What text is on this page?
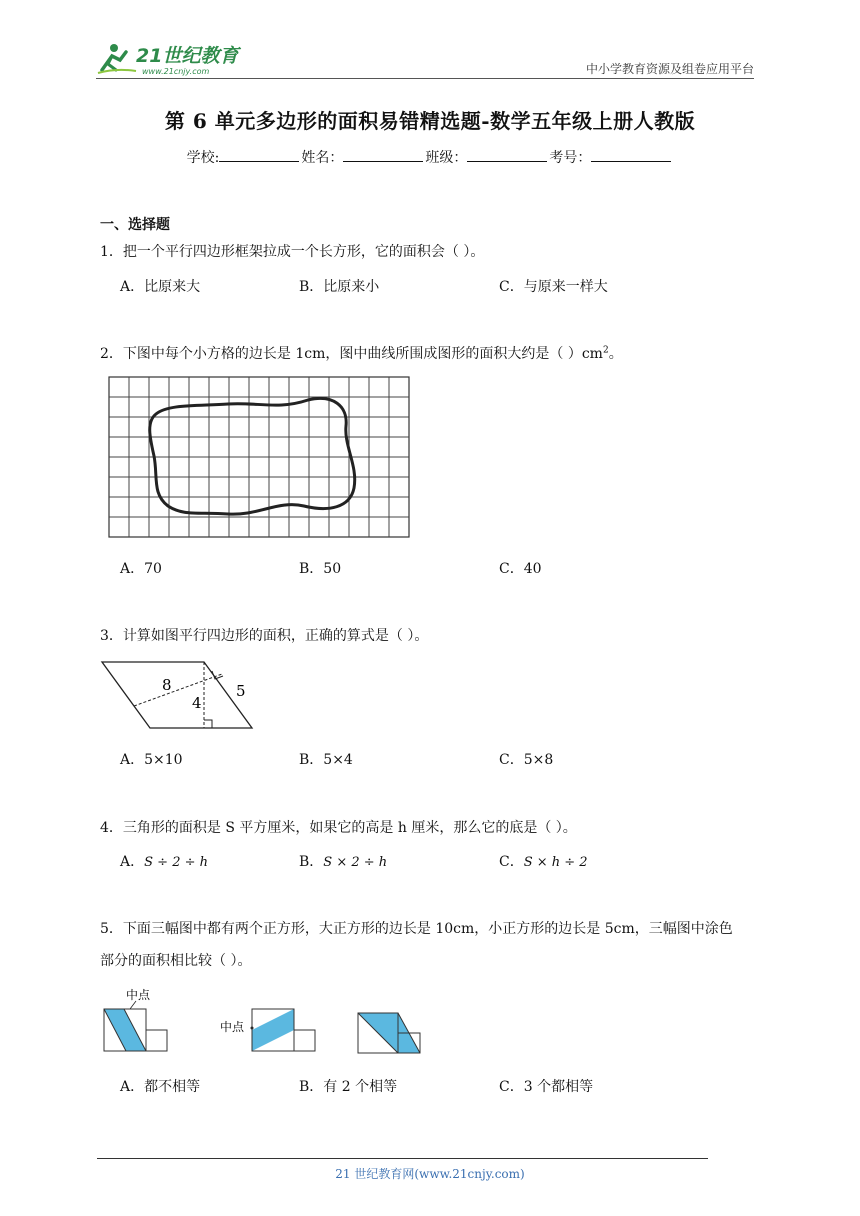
21世纪教育
www.21cnjy.com	中小学教育资源及组卷应用平台
第 6 单元多边形的面积易错精选题-数学五年级上册人教版
学校:	姓名：	班级：	考号：
一、选择题
1．把一个平行四边形框架拉成一个长方形，它的面积会（ ）。
A．比原来大	B．比原来小	C．与原来一样大
2．下图中每个小方格的边长是 1cm，图中曲线所围成图形的面积大约是（ ）$cm^2$。
A．70	B．50	C．40
3．计算如图平行四边形的面积，正确的算式是（ ）。
8
4
5
A．5×10	B．5×4	C．5×8
4．三角形的面积是 S 平方厘米，如果它的高是 h 厘米，那么它的底是（ ）。
A．S ÷ 2 ÷ h	B．S × 2 ÷ h	C．S × h ÷ 2
5．下面三幅图中都有两个正方形，大正方形的边长是 10cm，小正方形的边长是 5cm，三幅图中涂色
部分的面积相比较（ ）。
中点
中点
A．都不相等	B．有 2 个相等	C．3 个都相等
21 世纪教育网(www.21cnjy.com)
